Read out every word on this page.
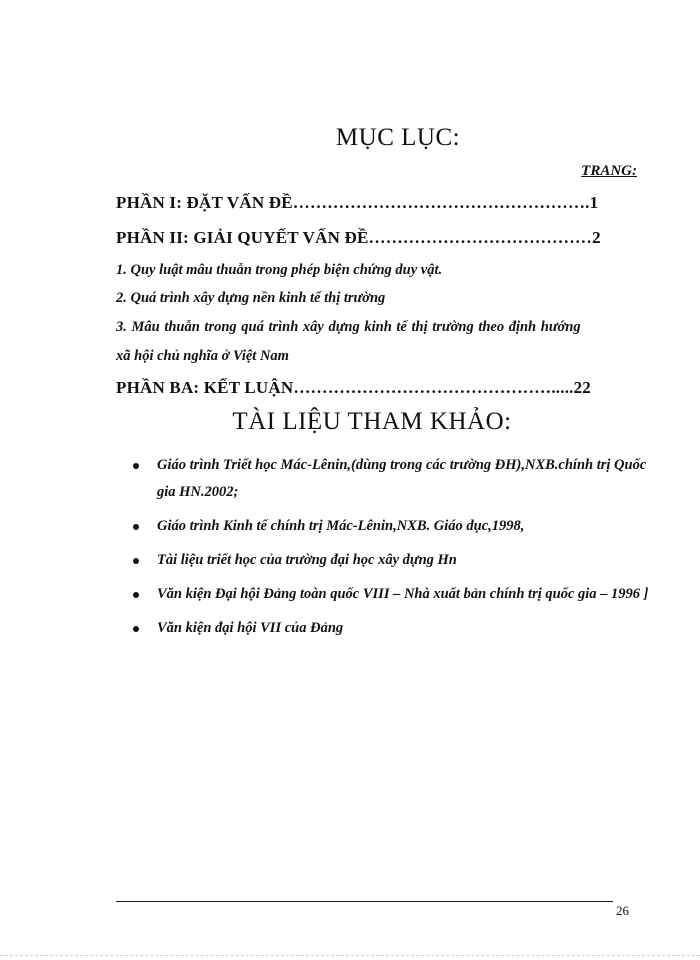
MỤC LỤC:
TRANG:
PHẦN I: ĐẶT VẤN ĐỀ…………………………………………….1
PHẦN II: GIẢI QUYẾT VẤN ĐỀ…………………………………2
1. Quy luật mâu thuẫn trong phép biện chứng duy vật.
2. Quá trình xây dựng nền kinh tế thị trường
3. Mâu thuẫn trong quá trình xây dựng kinh tế thị trường theo định hướng
xã hội chủ nghĩa ở Việt Nam
PHẦN BA: KẾT LUẬN……………………………………….....22
TÀI LIỆU THAM KHẢO:
Giáo trình Triết học Mác-Lênin,(dùng trong các trường ĐH),NXB.chính trị Quốc gia HN.2002;
Giáo trình Kinh tế chính trị Mác-Lênin,NXB. Giáo dục,1998,
Tài liệu triết học của trường đại học xây dựng Hn
Văn kiện Đại hội Đảng toàn quốc VIII – Nhà xuất bản chính trị quốc gia – 1996 ]
Văn kiện đại hội VII của Đảng
26
